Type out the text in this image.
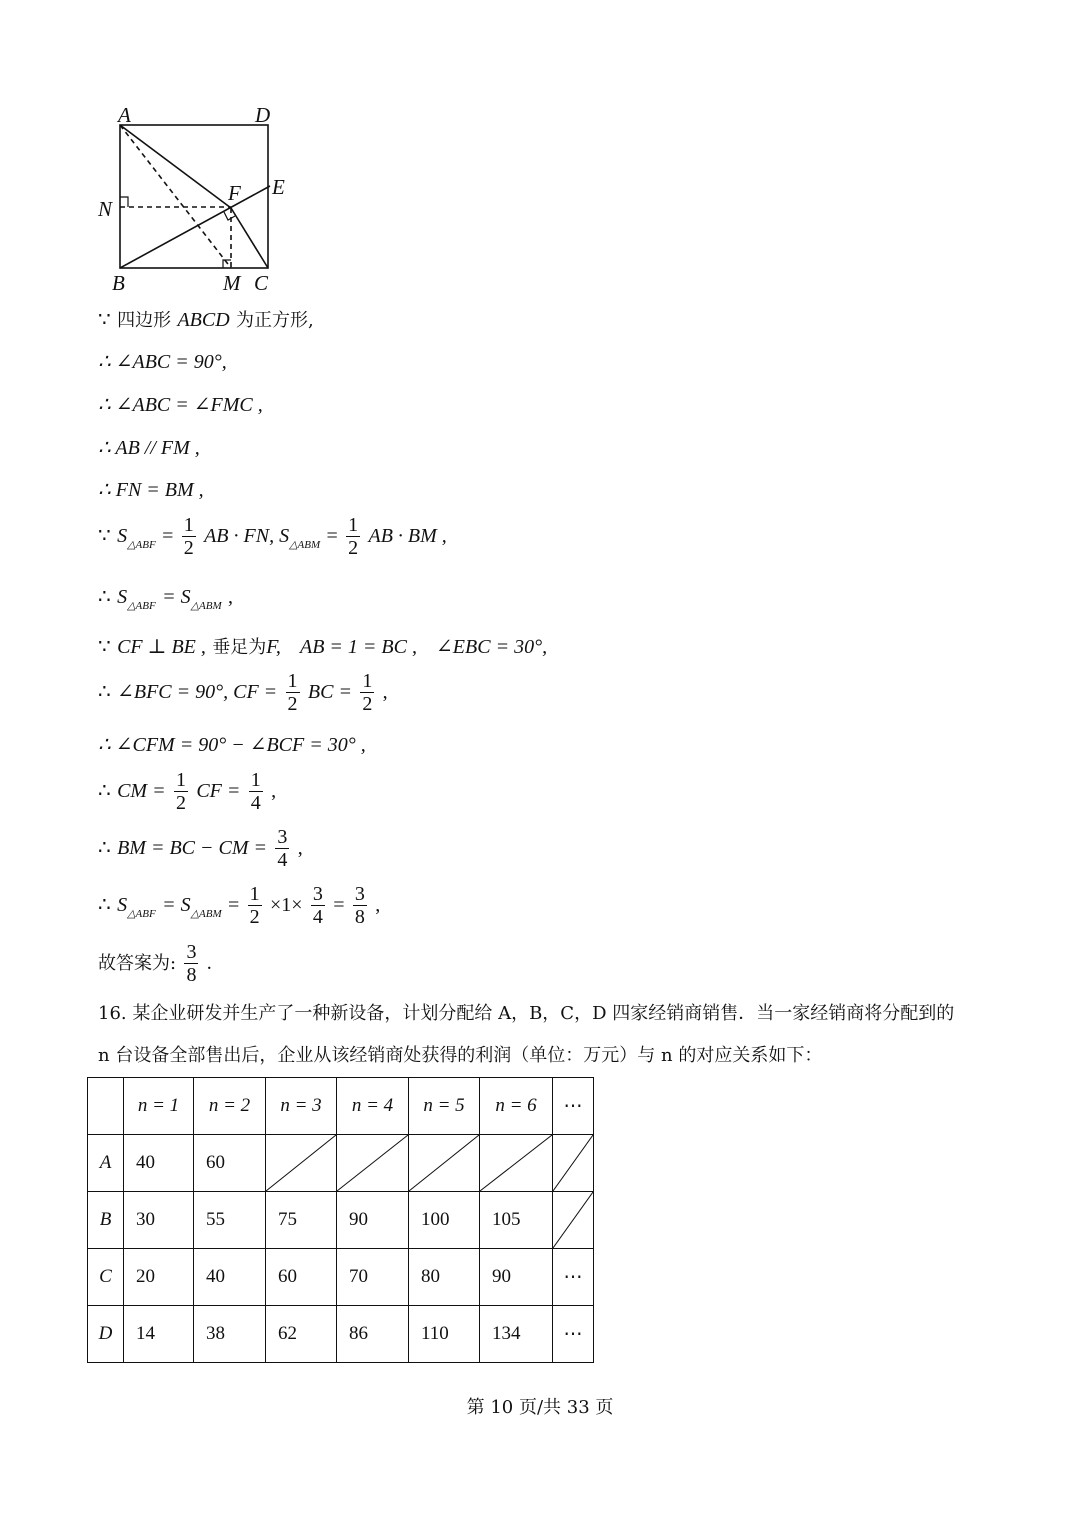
A	D
E
F
N
B	M C
∵ 四边形 ABCD 为正方形,
∴ ∠ABC = 90°,
∴ ∠ABC = ∠FMC ,
∴ AB // FM ,
∴ FN = BM ,
∵ $S_{\triangle ABF} = \frac{1}{2}$ AB · FN, $S_{\triangle ABM} = \frac{1}{2}$ AB · BM ,
∴ $S_{\triangle ABF} = S_{\triangle ABM}$ ,
∵ CF ⊥ BE , 垂足为F, AB = 1 = BC , ∠EBC = 30°,
∴ ∠BFC = 90°, CF = $\frac{1}{2}$ BC = $\frac{1}{2}$ ,
∴ ∠CFM = 90° − ∠BCF = 30° ,
∴ CM = $\frac{1}{2}$ CF = $\frac{1}{4}$ ,
∴ BM = BC − CM = $\frac{3}{4}$ ,
∴ $S_{\triangle ABF} = S_{\triangle ABM} = \frac{1}{2} \times 1\times \frac{3}{4} = \frac{3}{8}$ ,
故答案为: $\frac{3}{8}$ .
16. 某企业研发并生产了一种新设备，计划分配给 A，B，C，D 四家经销商销售．当一家经销商将分配到的
n 台设备全部售出后，企业从该经销商处获得的利润（单位：万元）与 n 的对应关系如下：
	n = 1	n = 2	n = 3	n = 4	n = 5	n = 6	⋯
A	40	60	

B	30	55	75	90	100	105	

C	20	40	60	70	80	90	⋯
D	14	38	62	86	110	134	⋯
第 10 页/共 33 页
